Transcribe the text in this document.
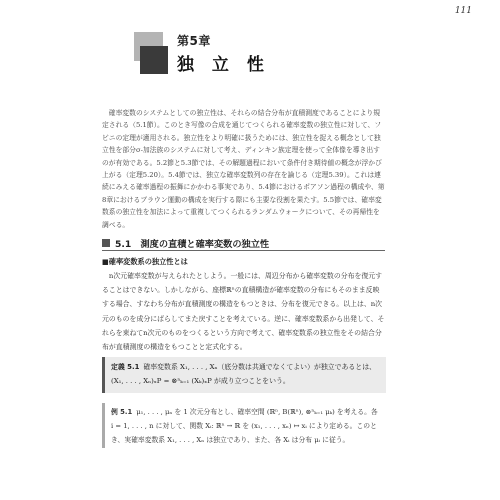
111
第5章
独 立 性

確率変数のシステムとしての独立性は、それらの結合分布が直積測度であることにより規定される（5.1節）。このとき写像の合成を通じてつくられる確率変数の独立性に対して、フビニの定理が適用される。独立性をより明確に扱うためには、独立性を捉える概念として独立性を部分σ-加法族のシステムに対して考え、ディンキン族定理を使って全体像を導き出すのが有効である。5.2節と5.3節では、その解題過程において条件付き期待値の概念が浮かび上がる（定理5.20）。5.4節では、独立な確率変数列の存在を論じる（定理5.39）。これは連続にみえる確率過程の振舞にかかわる事実であり、5.4節におけるポアソン過程の構成や、第8章におけるブラウン運動の構成を実行する際にも主要な役割を果たす。5.5節では、確率変数系の独立性を加法によって重複してつくられるランダムウォークについて、その再帰性を調べる。

5.1　測度の直積と確率変数の独立性
■確率変数系の独立性とは

n次元確率変数が与えられたとしよう。一般には、周辺分布から確率変数の分布を復元することはできない。しかしながら、座標ℝⁿの直積構造が確率変数の分布にもそのまま反映する場合、すなわち分布が直積測度の構造をもつときは、分布を復元できる。以上は、n次元のものを成分にばらしてまた戻すことを考えている。逆に、確率変数系から出発して、それらを束ねてn次元のものをつくるという方向で考えて、確率変数系の独立性をその結合分布が直積測度の構造をもつことと定式化する。

定義 5.1 確率変数系 X₁, . . . , Xₙ（底分数は共通でなくてよい）が独立であるとは、(X₁, . . . , Xₙ)ₓP = ⊗ⁿₖ₌₁ (Xₖ)ₓP が成り立つことをいう。
例 5.1 μ₁, . . . , μₙ を 1 次元分布とし、確率空間 (ℝⁿ, B(ℝⁿ), ⊗ⁿₖ₌₁ μₖ) を考える。各 i = 1, . . . , n に対して、関数 Xᵢ: ℝⁿ → ℝ を (x₁, . . . , xₙ) ↦ xᵢ により定める。このとき、実確率変数系 X₁, . . . , Xₙ は独立であり、また、各 Xᵢ は分布 μᵢ に従う。
